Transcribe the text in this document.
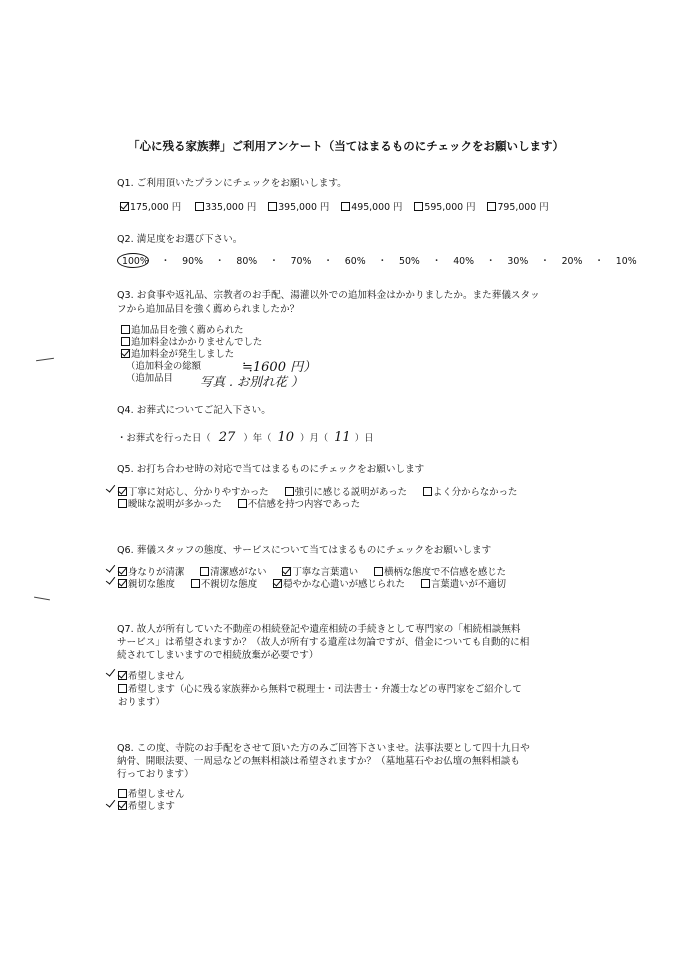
「心に残る家族葬」ご利用アンケート（当てはまるものにチェックをお願いします）
Q1. ご利用頂いたプランにチェックをお願いします。
175,000 円	335,000 円 395,000 円 495,000 円 595,000 円 795,000 円
Q2. 満足度をお選び下さい。
100% ・ 90% ・ 80% ・ 70% ・ 60% ・ 50% ・ 40% ・ 30% ・ 20% ・ 10%
Q3. お食事や返礼品、宗教者のお手配、湯灌以外での追加料金はかかりましたか。また葬儀スタッ
フから追加品目を強く薦められましたか？
追加品目を強く薦められた
追加料金はかかりませんでした
追加料金が発生しました
（追加料金の総額	≒1600 円）
（追加品目 写真 . お別れ花 ）
Q4. お葬式についてご記入下さい。
・お葬式を行った日（ 27 ）年（ 10 ）月（ 11 ）日
Q5. お打ち合わせ時の対応で当てはまるものにチェックをお願いします
丁寧に対応し、分かりやすかった	強引に感じる説明があった	よく分からなかった
曖昧な説明が多かった	不信感を持つ内容であった
Q6. 葬儀スタッフの態度、サービスについて当てはまるものにチェックをお願いします
身なりが清潔	清潔感がない	丁寧な言葉遣い	横柄な態度で不信感を感じた
親切な態度	不親切な態度	穏やかな心遣いが感じられた	言葉遣いが不適切
Q7. 故人が所有していた不動産の相続登記や遺産相続の手続きとして専門家の「相続相談無料
サービス」は希望されますか？（故人が所有する遺産は勿論ですが、借金についても自動的に相
続されてしまいますので相続放棄が必要です）
希望しません
希望します（心に残る家族葬から無料で税理士・司法書士・弁護士などの専門家をご紹介して
おります）
Q8. この度、寺院のお手配をさせて頂いた方のみご回答下さいませ。法事法要として四十九日や
納骨、開眼法要、一周忌などの無料相談は希望されますか？（墓地墓石やお仏壇の無料相談も
行っております）
希望しません
希望します
